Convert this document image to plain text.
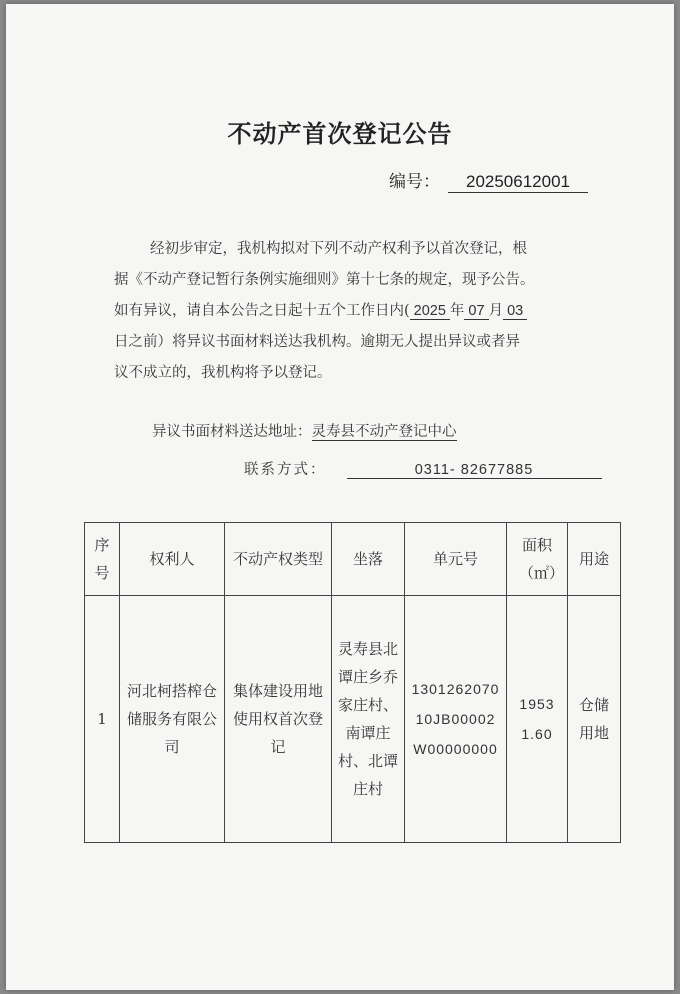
不动产首次登记公告
编号： 20250612001
经初步审定，我机构拟对下列不动产权利予以首次登记，根
据《不动产登记暂行条例实施细则》第十七条的规定，现予公告。
如有异议，请自本公告之日起十五个工作日内( 2025 年 07 月 03
日之前）将异议书面材料送达我机构。逾期无人提出异议或者异
议不成立的，我机构将予以登记。
异议书面材料送达地址：灵寿县不动产登记中心
联系方式：	0311- 82677885
序号	权利人	不动产权类型	坐落	单元号	面积（㎡）	用途
1	河北柯搭榨仓储服务有限公司	集体建设用地使用权首次登记	灵寿县北谭庄乡乔家庄村、南谭庄村、北谭庄村	130126207010JB00002W00000000	19531.60	仓储用地
